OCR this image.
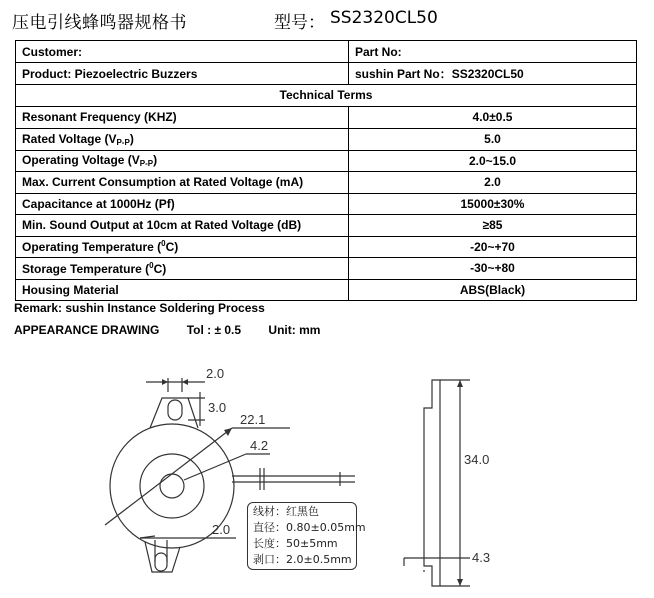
压电引线蜂鸣器规格书	型号： SS2320CL50
Customer:	Part No:
Product: Piezoelectric Buzzers	sushin Part No：SS2320CL50
Technical Terms	
Resonant Frequency (KHZ)	4.0±0.5
Rated Voltage $(V_{P-P})$	5.0
Operating Voltage $(V_{P-P})$	2.0~15.0
Max. Current Consumption at Rated Voltage (mA)	2.0
Capacitance at 1000Hz (Pf)	15000±30%
Min. Sound Output at 10cm at Rated Voltage (dB)	≥85
Operating Temperature ($^0$C)	-20~+70
Storage Temperature ($^0$C)	-30~+80
Housing Material	ABS(Black)
Remark: sushin Instance Soldering Process
APPEARANCE DRAWING Tol : ± 0.5 Unit: mm
2.0
3.0
22.1
4.2
2.0
34.0
4.3
线材：红黑色
直径：0.80±0.05mm
长度：50±5mm
剥口：2.0±0.5mm
